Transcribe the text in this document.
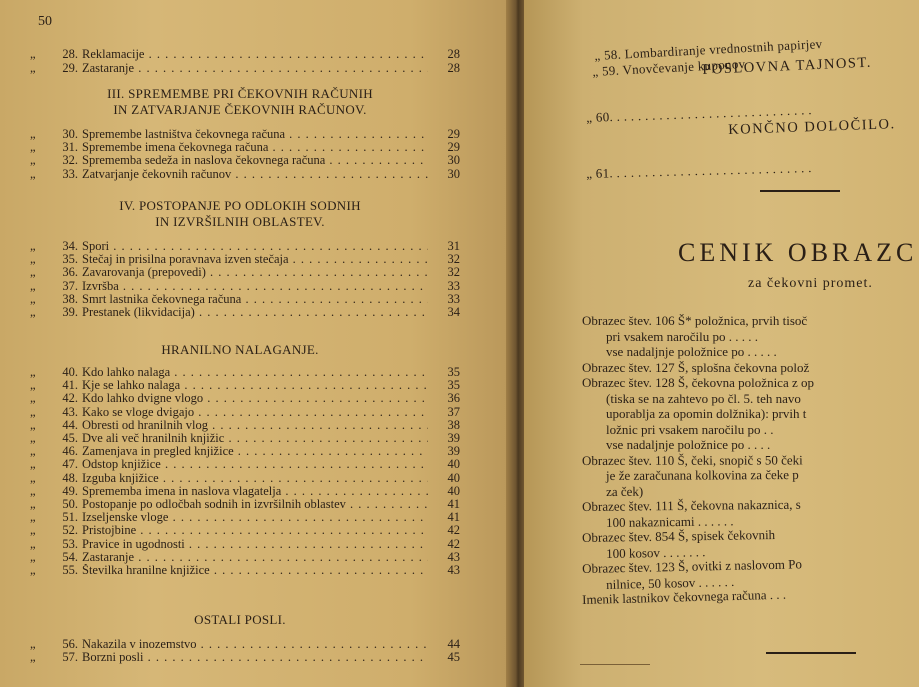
50
„	28. Reklamacije . . .	28
„	29. Zastaranje . . .	28
III. SPREMEMBE PRI ČEKOVNIH RAČUNIH
IN ZATVARJANJE ČEKOVNIH RAČUNOV.
IV. POSTOPANJE PO ODLOKIH SODNIH
IN IZVRŠILNIH OBLASTEV.
HRANILNO NALAGANJE.
OSTALI POSLI.
„	30. Spremembe lastništva čekovnega računa . . .	29
„	31. Spremembe imena čekovnega računa . . .	29
„	32. Sprememba sedeža in naslova čekovnega računa . . .	30
„	33. Zatvarjanje čekovnih računov . . .	30
„	34. Spori . . .	31
„	35. Stečaj in prisilna poravnava izven stečaja . . .	32
„	36. Zavarovanja (prepovedi) . . .	32
„	37. Izvršba . . .	33
„	38. Smrt lastnika čekovnega računa . . .	33
„	39. Prestanek (likvidacija) . . .	34
„	40. Kdo lahko nalaga . . .	35
„	41. Kje se lahko nalaga . . .	35
„	42. Kdo lahko dvigne vlogo . . .	36
„	43. Kako se vloge dvigajo . . .	37
„	44. Obresti od hranilnih vlog . . .	38
„	45. Dve ali več hranilnih knjižic . . .	39
„	46. Zamenjava in pregled knjižice . . .	39
„	47. Odstop knjižice . . .	40
„	48. Izguba knjižice . . .	40
„	49. Sprememba imena in naslova vlagatelja . . .	40
„	50. Postopanje po odločbah sodnih in izvršilnih oblastev . . .	41
„	51. Izseljenske vloge . . .	41
„	52. Pristojbine . . .	42
„	53. Pravice in ugodnosti . . .	42
„	54. Zastaranje . . .	43
„	55. Številka hranilne knjižice . . .	43
„	56. Nakazila v inozemstvo . . .	44
„	57. Borzni posli . . .	45
„ 58. Lombardiranje vrednostnih papirjev
„ 59. Vnovčevanje kuponov
POSLOVNA TAJNOST.
„ 60. . . . . . . . . . . . . . . . . . . . . . . . . . . . .
KONČNO DOLOČILO.
„ 61. . . . . . . . . . . . . . . . . . . . . . . . . . . . .
CENIK OBRAZC
za čekovni promet.
Obrazec štev. 106 Š* položnica, prvih tisoč
pri vsakem naročilu po . . . . .
vse nadaljnje položnice po . . . . .
Obrazec štev. 127 Š, splošna čekovna polož
Obrazec štev. 128 Š, čekovna položnica z op
(tiska se na zahtevo po čl. 5. teh navo
uporablja za opomin dolžnika): prvih t
ložnic pri vsakem naročilu po . .
vse nadaljnje položnice po . . . .
Obrazec štev. 110 Š, čeki, snopič s 50 čeki
je že zaračunana kolkovina za čeke p
za ček)
Obrazec štev. 111 Š, čekovna nakaznica, s
100 nakaznicami . . . . . .
Obrazec štev. 854 Š, spisek čekovnih
100 kosov . . . . . . .
Obrazec štev. 123 Š, ovitki z naslovom Po
nilnice, 50 kosov . . . . . .
Imenik lastnikov čekovnega računa . . .
